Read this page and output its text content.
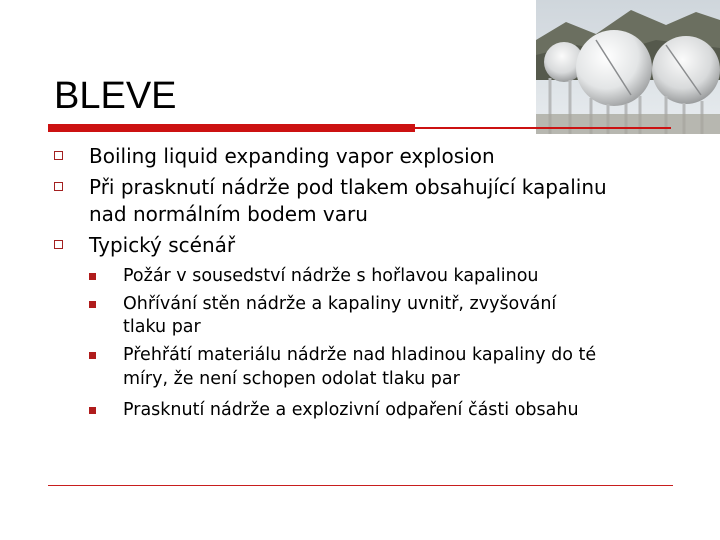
BLEVE
Boiling liquid expanding vapor explosion
Při prasknutí nádrže pod tlakem obsahující kapalinu
nad normálním bodem varu
Typický scénář
Požár v sousedství nádrže s hořlavou kapalinou
Ohřívání stěn nádrže a kapaliny uvnitř, zvyšování
tlaku par
Přehřátí materiálu nádrže nad hladinou kapaliny do té
míry, že není schopen odolat tlaku par
Prasknutí nádrže a explozivní odpaření části obsahu
